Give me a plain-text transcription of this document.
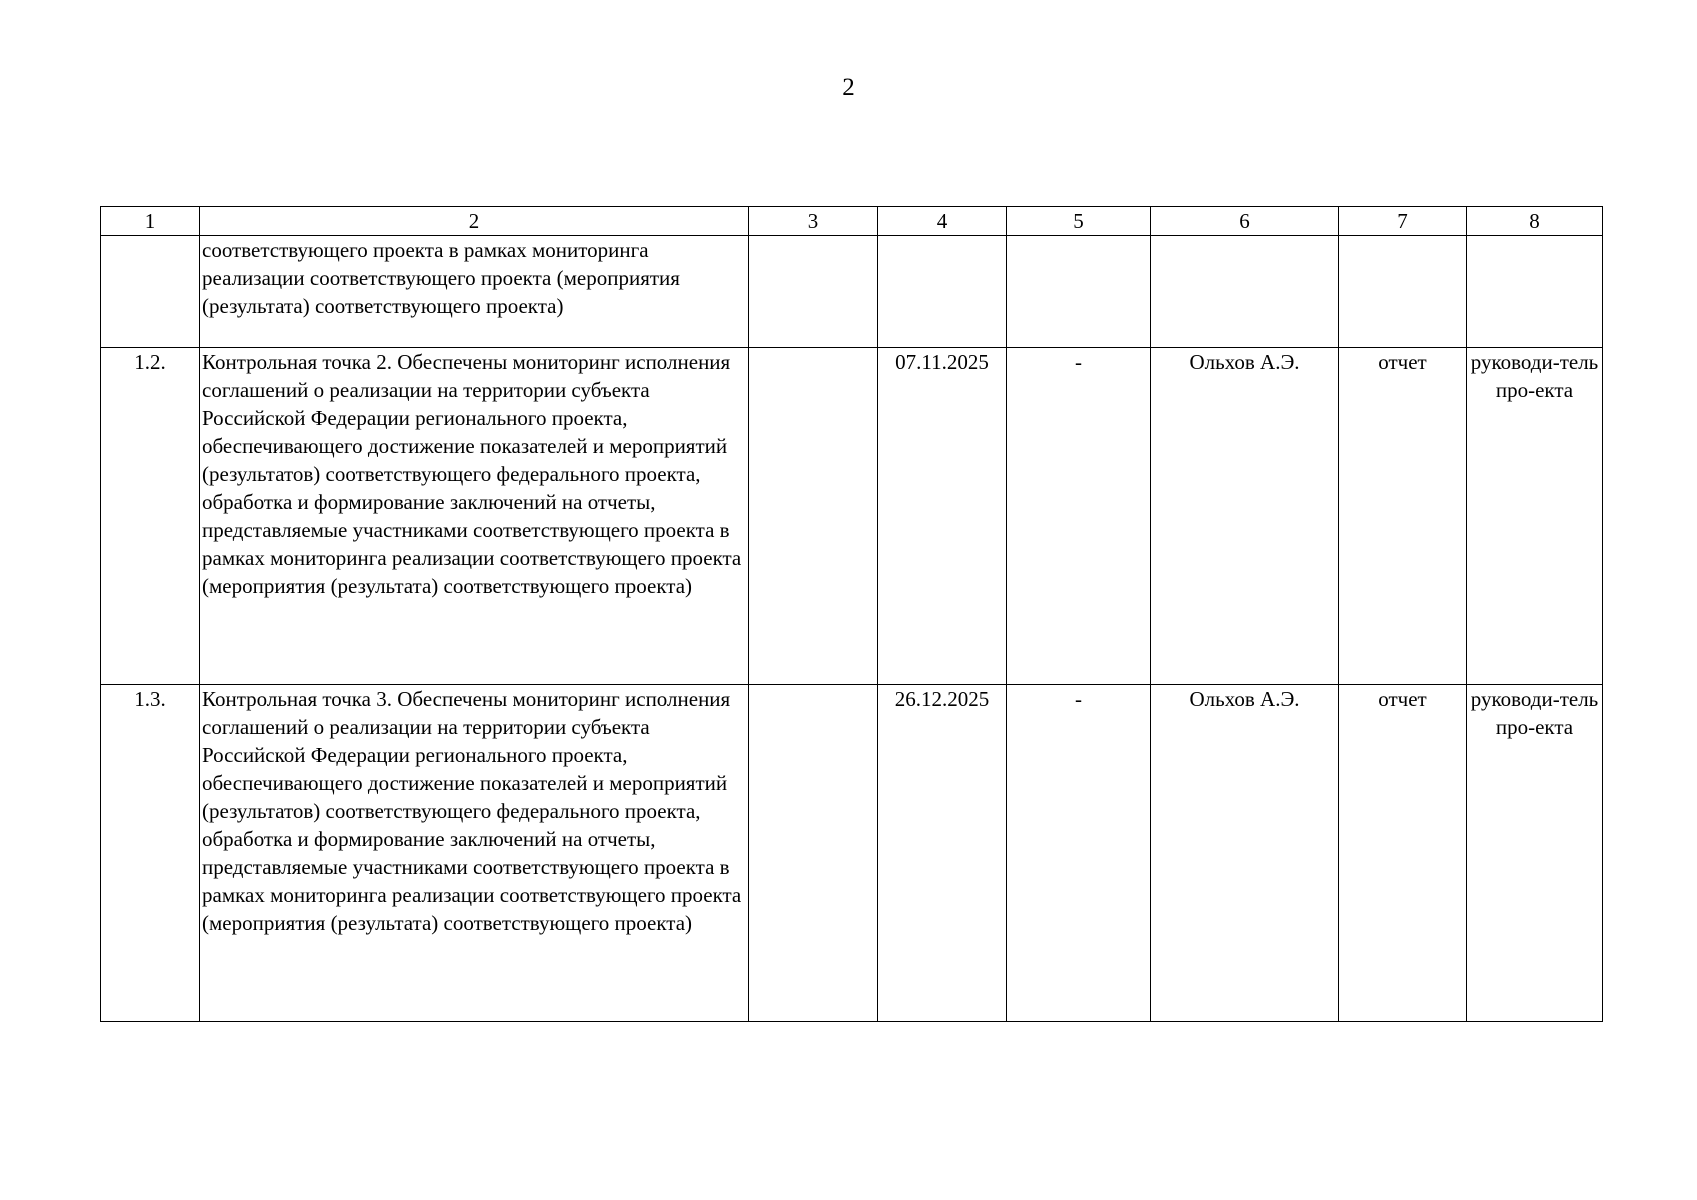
2
1	2	3	4	5	6	7	8
	соответствующего проекта в рамках мониторинга реализации соответствующего проекта (мероприятия (результата) соответствующего проекта)						
1.2.	Контрольная точка 2. Обеспечены мониторинг исполнения соглашений о реализации на территории субъекта Российской Федерации регионального проекта, обеспечивающего достижение показателей и мероприятий (результатов) соответствующего федерального проекта, обработка и формирование заключений на отчеты, представляемые участниками соответствующего проекта в рамках мониторинга реализации соответствующего проекта (мероприятия (результата) соответствующего проекта)		07.11.2025	-	Ольхов А.Э.	отчет	руководи-тель про-екта
1.3.	Контрольная точка 3. Обеспечены мониторинг исполнения соглашений о реализации на территории субъекта Российской Федерации регионального проекта, обеспечивающего достижение показателей и мероприятий (результатов) соответствующего федерального проекта, обработка и формирование заключений на отчеты, представляемые участниками соответствующего проекта в рамках мониторинга реализации соответствующего проекта (мероприятия (результата) соответствующего проекта)		26.12.2025	-	Ольхов А.Э.	отчет	руководи-тель про-екта
